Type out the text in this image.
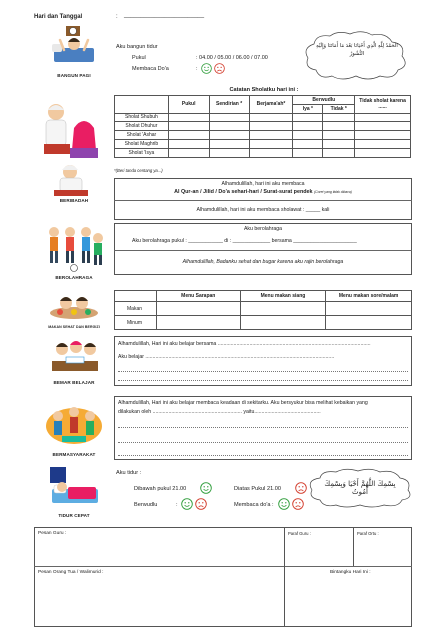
Hari dan Tanggal	: ________________________
BANGUN PAGI
Aku bangun tidur
Pukul	: 04.00 / 05.00 / 06.00 / 07.00
Membaca Do'a	:
الحَمْدُ لِلَّهِ الَّذِي أَحْيَانَا بَعْدَ مَا أَمَاتَنَا وَإِلَيْهِ النُّشُورُ
BERIBADAH
Catatan Sholatku hari ini :
	Pukul	Sendirian *	Berjama'ah*	Berwudlu		Tidak sholat karena ......
				Iya *	Tidak *	
Sholat Shubuh						
Sholat Dhuhur						
Sholat 'Ashar						
Sholat Maghrib						
Sholat 'Isya						
*(Beri tanda centang ya...)
Alhamdulillah, hari ini aku membaca
Al Qur-an / Jilid / Do'a sehari-hari / Surat-surat pendek (Coret yang tidak dibaca)
Alhamdulillah, hari ini aku membaca sholawat : _____ kali
BEROLAHRAGA
Aku berolahraga
Aku berolahraga pukul : ____________ di : _____________ bersama ______________________
Alhamdulillah, Badanku sehat dan bugar karena aku rajin berolahraga
MAKAN SEHAT DAN BERGIZI
	Menu Sarapan	Menu makan siang	Menu makan sore/malam
Makan			
Minum			
BEMAR BELAJAR
Alhamdulillah, Hari ini aku belajar bersama ..........................................................................................................
Aku belajar ...................................................................................................................................
BERMASYARAKAT
Alhamdulillah, Hari ini aku belajar membaca keadaan di sekitarku. Aku bersyukur bisa melihat kebaikan yang
dilakukan oleh .............................................................. yaitu..............................................
TIDUR CEPAT
Aku tidur :
Dibawah pukul 21.00	Diatas Pukul 21.00
Berwudlu	:	Membaca do'a :
بِسْمِكَ اللَّهُمَّ أَحْيَا وَبِسْمِكَ أَمُوتُ
Pesan Guru :	Paraf Guru :	Paraf Ortu :
Pesan Orang Tua / Walimurid :	Bintangku Hari Ini :
